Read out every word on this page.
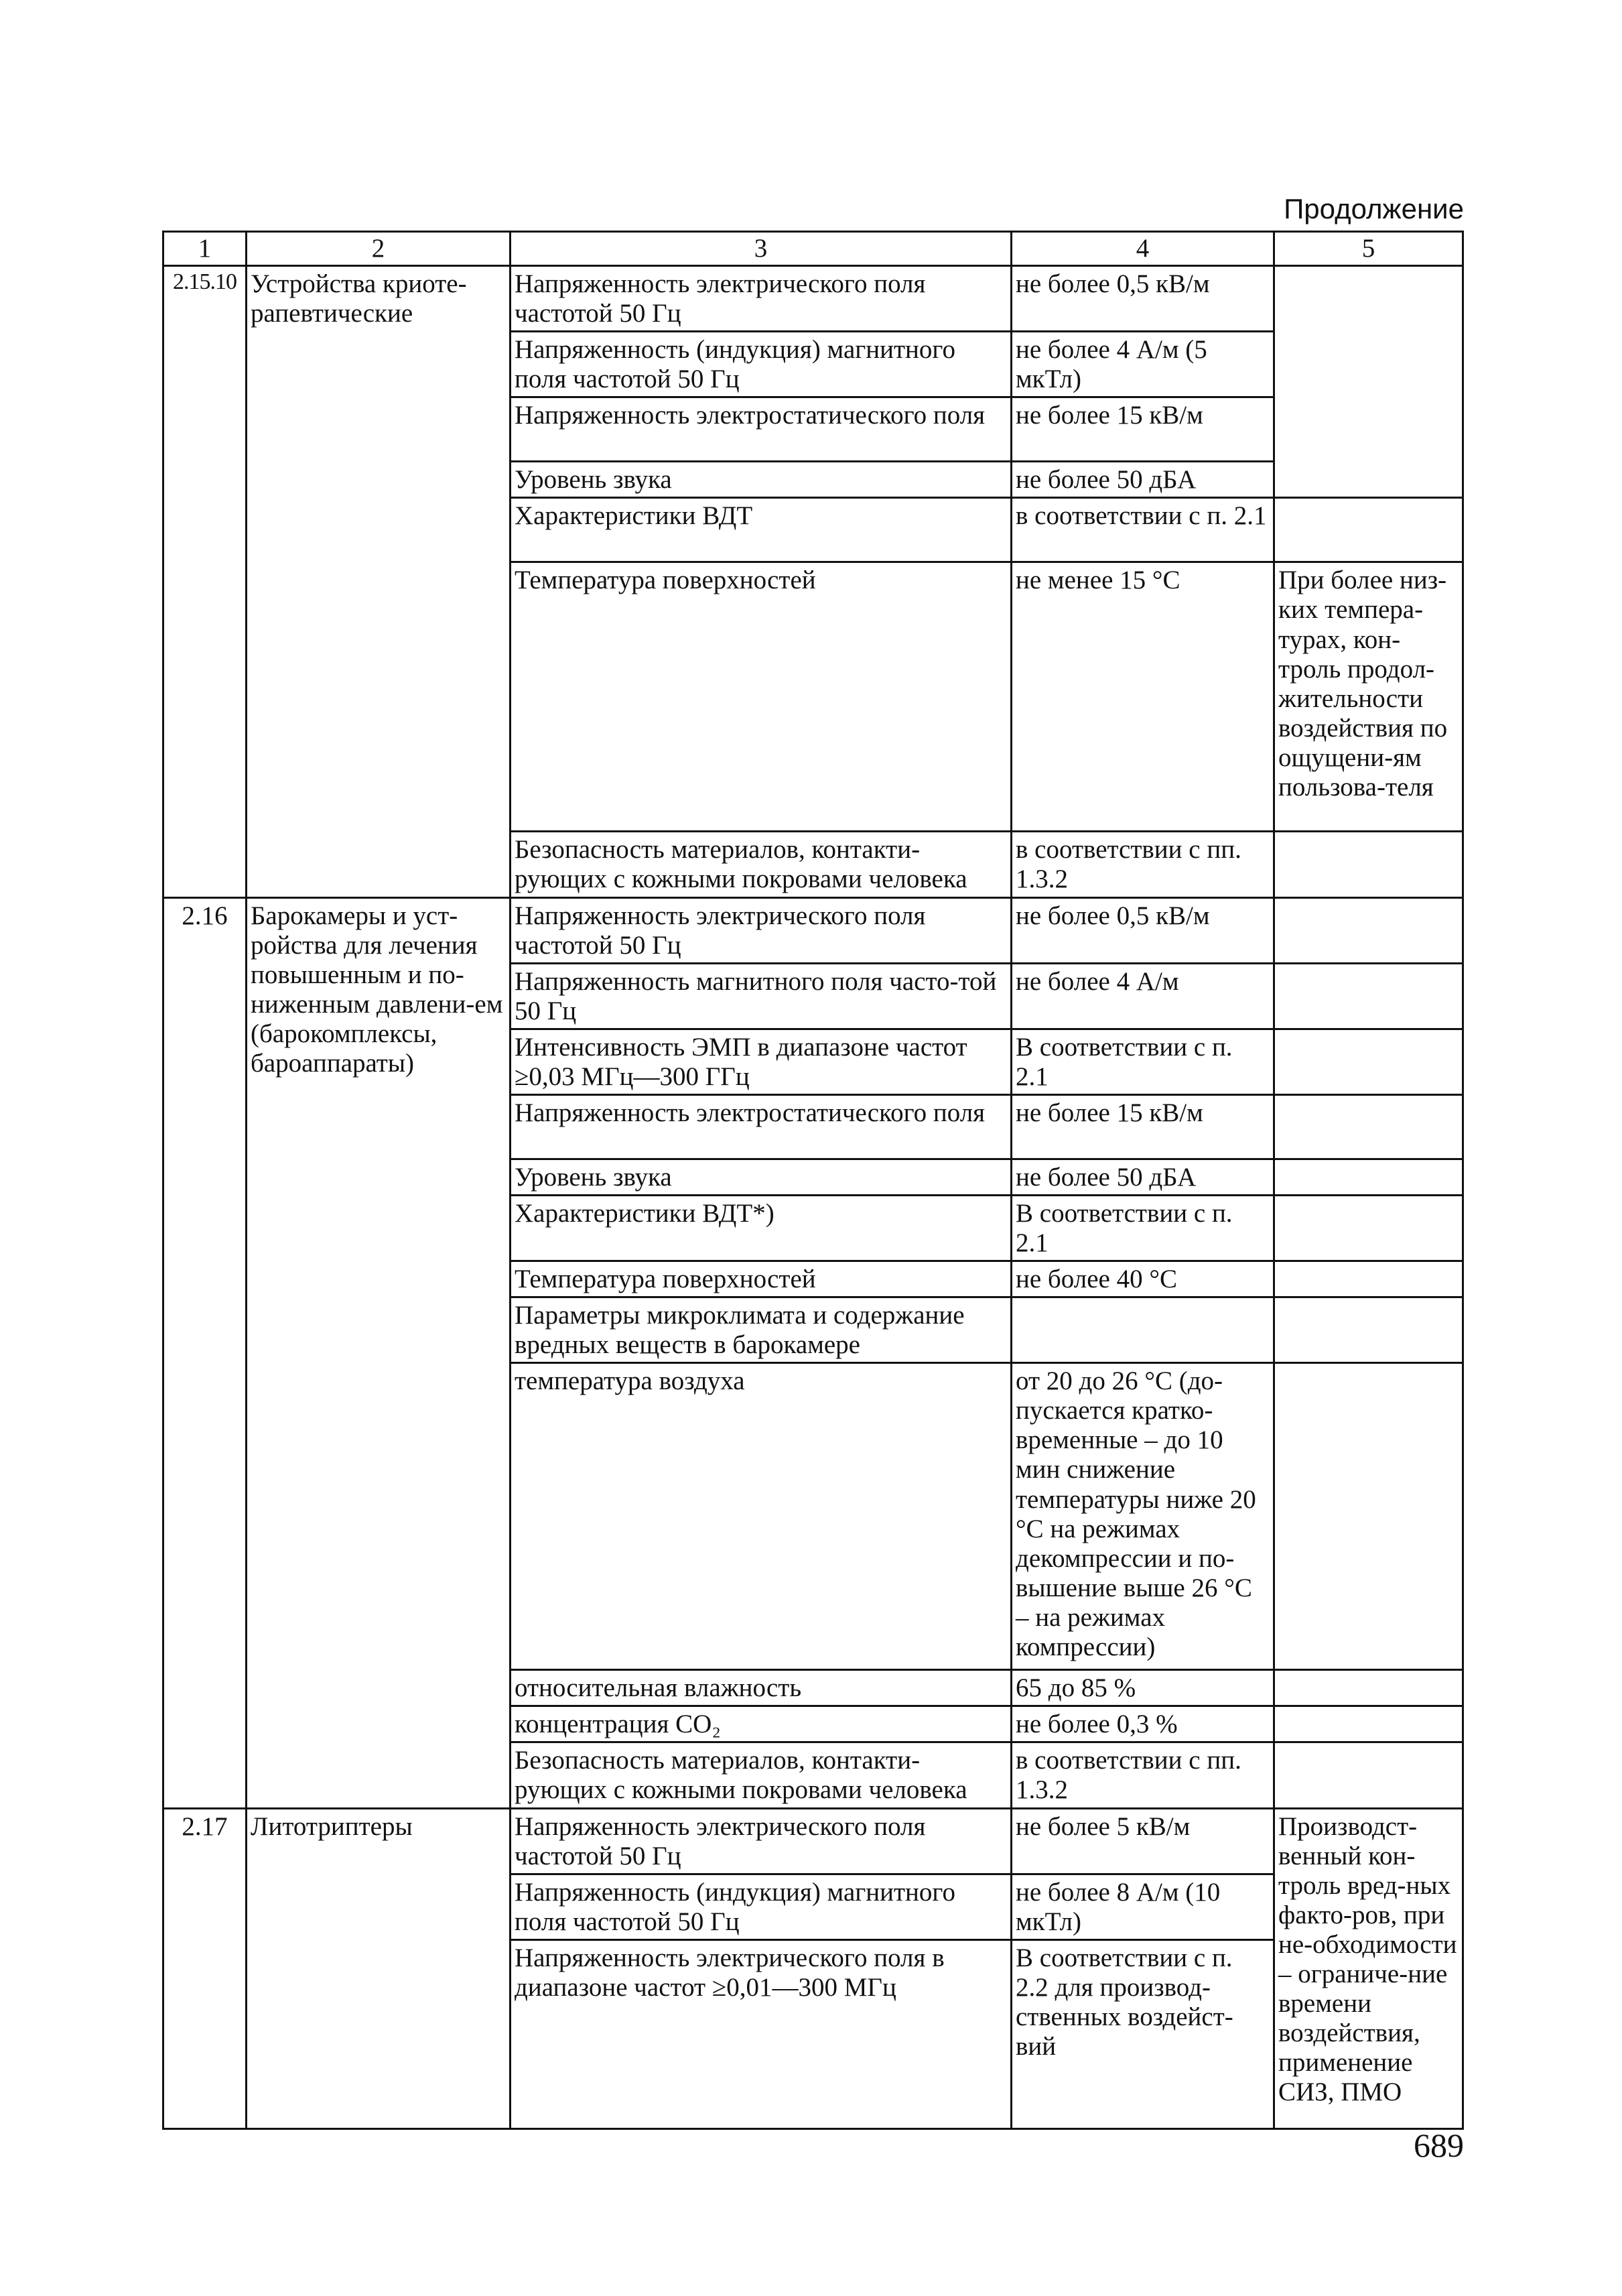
Продолжение
1	2	3	4	5
2.15.10	Устройства криоте-рапевтические	Напряженность электрического поля частотой 50 Гц	не более 0,5 кВ/м	
		Напряженность (индукция) магнитного поля частотой 50 Гц	не более 4 А/м (5 мкТл)	
		Напряженность электростатического поля	не более 15 кВ/м	
		Уровень звука	не более 50 дБА	
		Характеристики ВДТ	в соответствии с п. 2.1	
		Температура поверхностей	не менее 15 °С	При более низ-ких темпера-турах, кон-троль продол-жительности воздействия по ощущени-ям пользова-теля
		Безопасность материалов, контакти-рующих с кожными покровами человека	в соответствии с пп. 1.3.2	
2.16	Барокамеры и уст-ройства для лечения повышенным и по-ниженным давлени-ем (барокомплексы, бароаппараты)	Напряженность электрического поля частотой 50 Гц	не более 0,5 кВ/м	
		Напряженность магнитного поля часто-той 50 Гц	не более 4 А/м	
		Интенсивность ЭМП в диапазоне частот ≥0,03 МГц—300 ГГц	В соответствии с п. 2.1	
		Напряженность электростатического поля	не более 15 кВ/м	
		Уровень звука	не более 50 дБА	
		Характеристики ВДТ*)	В соответствии с п. 2.1	
		Температура поверхностей	не более 40 °С	
		Параметры микроклимата и содержание вредных веществ в барокамере		
		температура воздуха	от 20 до 26 °С (до-пускается кратко-временные – до 10 мин снижение температуры ниже 20 °С на режимах декомпрессии и по-вышение выше 26 °С – на режимах компрессии)	
		относительная влажность	65 до 85 %	
		концентрация CO₂	не более 0,3 %	
		Безопасность материалов, контакти-рующих с кожными покровами человека	в соответствии с пп. 1.3.2	
2.17	Литотриптеры	Напряженность электрического поля частотой 50 Гц	не более 5 кВ/м	Производст-венный кон-троль вред-ных факто-ров, при не-обходимости – ограниче-ние времени воздействия, применение СИЗ, ПМО
		Напряженность (индукция) магнитного поля частотой 50 Гц	не более 8 А/м (10 мкТл)	
		Напряженность электрического поля в диапазоне частот ≥0,01—300 МГц	В соответствии с п. 2.2 для производ-ственных воздейст-вий	
689
